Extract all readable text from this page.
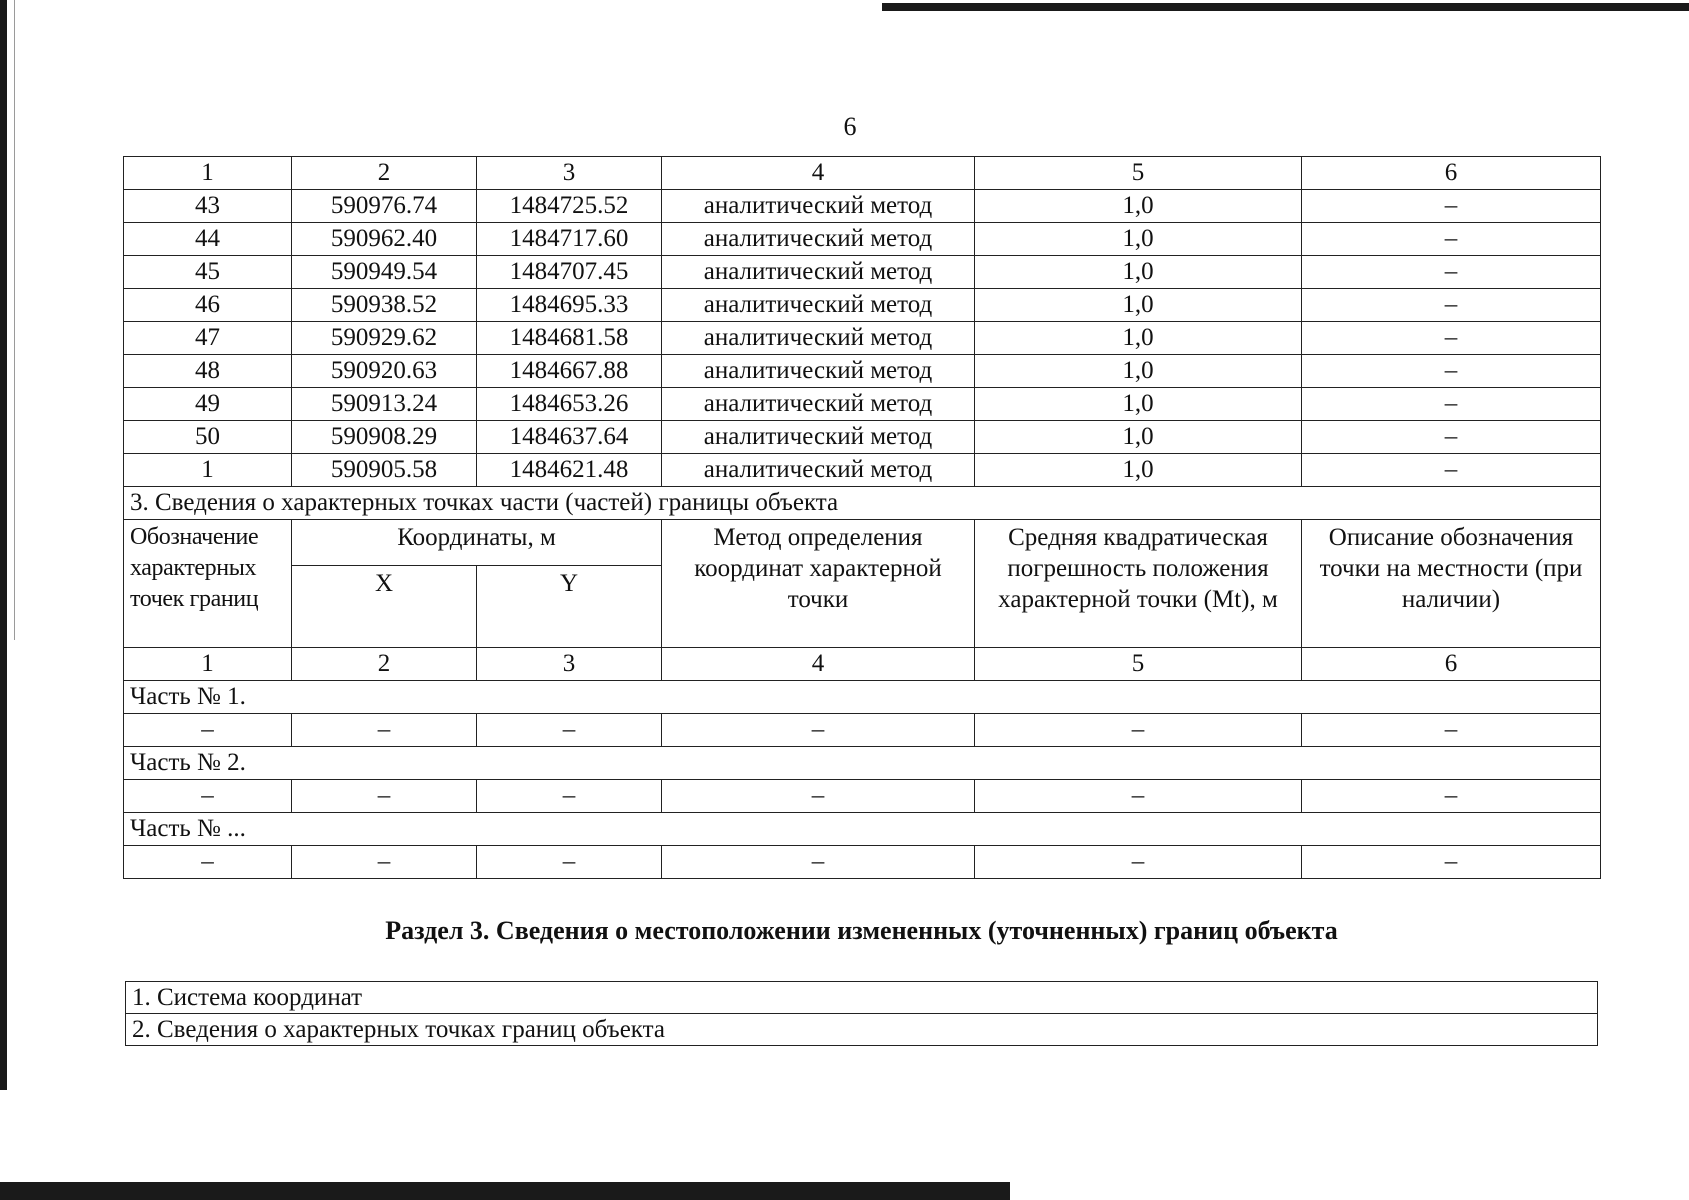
6
1	2	3	4	5	6
43	590976.74	1484725.52	аналитический метод	1,0	–
44	590962.40	1484717.60	аналитический метод	1,0	–
45	590949.54	1484707.45	аналитический метод	1,0	–
46	590938.52	1484695.33	аналитический метод	1,0	–
47	590929.62	1484681.58	аналитический метод	1,0	–
48	590920.63	1484667.88	аналитический метод	1,0	–
49	590913.24	1484653.26	аналитический метод	1,0	–
50	590908.29	1484637.64	аналитический метод	1,0	–
1	590905.58	1484621.48	аналитический метод	1,0	–
3. Сведения о характерных точках части (частей) границы объекта					
Обозначение характерных точек границ	Координаты, м		Метод определения координат характерной точки	Средняя квадратическая погрешность положения характерной точки (Mt), м	Описание обозначения точки на местности (при наличии)
	X	Y			
1	2	3	4	5	6
Часть № 1.					
–	–	–	–	–	–
Часть № 2.					
–	–	–	–	–	–
Часть № ...					
–	–	–	–	–	–
Раздел 3. Сведения о местоположении измененных (уточненных) границ объекта
1. Система координат
2. Сведения о характерных точках границ объекта
